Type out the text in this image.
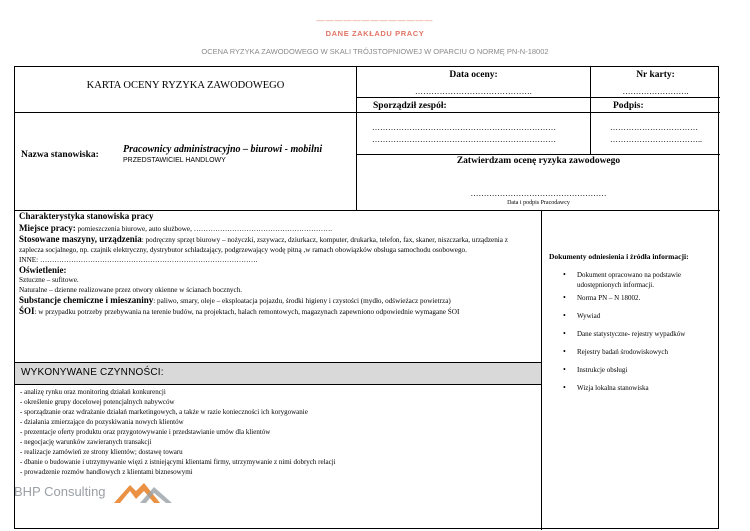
—————————————
DANE ZAKŁADU PRACY
OCENA RYZYKA ZAWODOWEGO W SKALI TRÓJSTOPNIOWEJ W OPARCIU O NORMĘ PN-N-18002
KARTA OCENY RYZYKA ZAWODOWEGO
Data oceny:
…………………………………….
Nr karty:
…………………….
Sporządził zespół:
……………………………………………………………
……………………………………………………………
Podpis:
……………………………
……………………………..
Nazwa stanowiska: Pracownicy administracyjno – biurowi - mobilni
PRZEDSTAWICIEL HANDLOWY	Zatwierdzam ocenę ryzyka zawodowego
……………………………………………
Data i podpis Pracodawcy

Charakterystyka stanowiska pracy

Miejsce pracy: pomieszczenia biurowe, auto służbowe, ………………………………………………….

Stosowane maszyny, urządzenia: podręczny sprzęt biurowy – nożyczki, zszywacz, dziurkacz, komputer, drukarka, telefon, fax, skaner, niszczarka, urządzenia z zaplecza socjalnego, np. czajnik elektryczny, dystrybutor schładzający, podgrzewający wodę pitną ,w ramach obowiązków obsługa samochodu osobowego.

INNE: ……………………………………………………………………………….

Oświetlenie:

Sztuczne – sufitowe.

Naturalne – dzienne realizowane przez otwory okienne w ścianach bocznych.

Substancje chemiczne i mieszaniny: paliwo, smary, oleje – eksploatacja pojazdu, środki higieny i czystości (mydło, odświeżacz powietrza)

ŚOI: w przypadku potrzeby przebywania na terenie budów, na projektach, halach remontowych, magazynach zapewniono odpowiednie wymagane ŚOI

Dokumenty odniesienia i źródła informacji:
• Dokument opracowano na podstawie udostępnionych informacji.
• Norma PN – N 18002.
• Wywiad
• Dane statystyczne- rejestry wypadków
• Rejestry badań środowiskowych
• Instrukcje obsługi
• Wizja lokalna stanowiska
WYKONYWANE CZYNNOŚCI:
- analizę rynku oraz monitoring działań konkurencji
- określenie grupy docelowej potencjalnych nabywców
- sporządzanie oraz wdrażanie działań marketingowych, a także w razie konieczności ich korygowanie
- działania zmierzające do pozyskiwania nowych klientów
- prezentacje oferty produktu oraz przygotowywanie i przedstawianie umów dla klientów
- negocjację warunków zawieranych transakcji
- realizacje zamówień ze strony klientów; dostawę towaru
- dbanie o budowanie i utrzymywanie więzi z istniejącymi klientami firmy, utrzymywanie z nimi dobrych relacji
- prowadzenie rozmów handlowych z klientami biznesowymi
BHP Consulting
